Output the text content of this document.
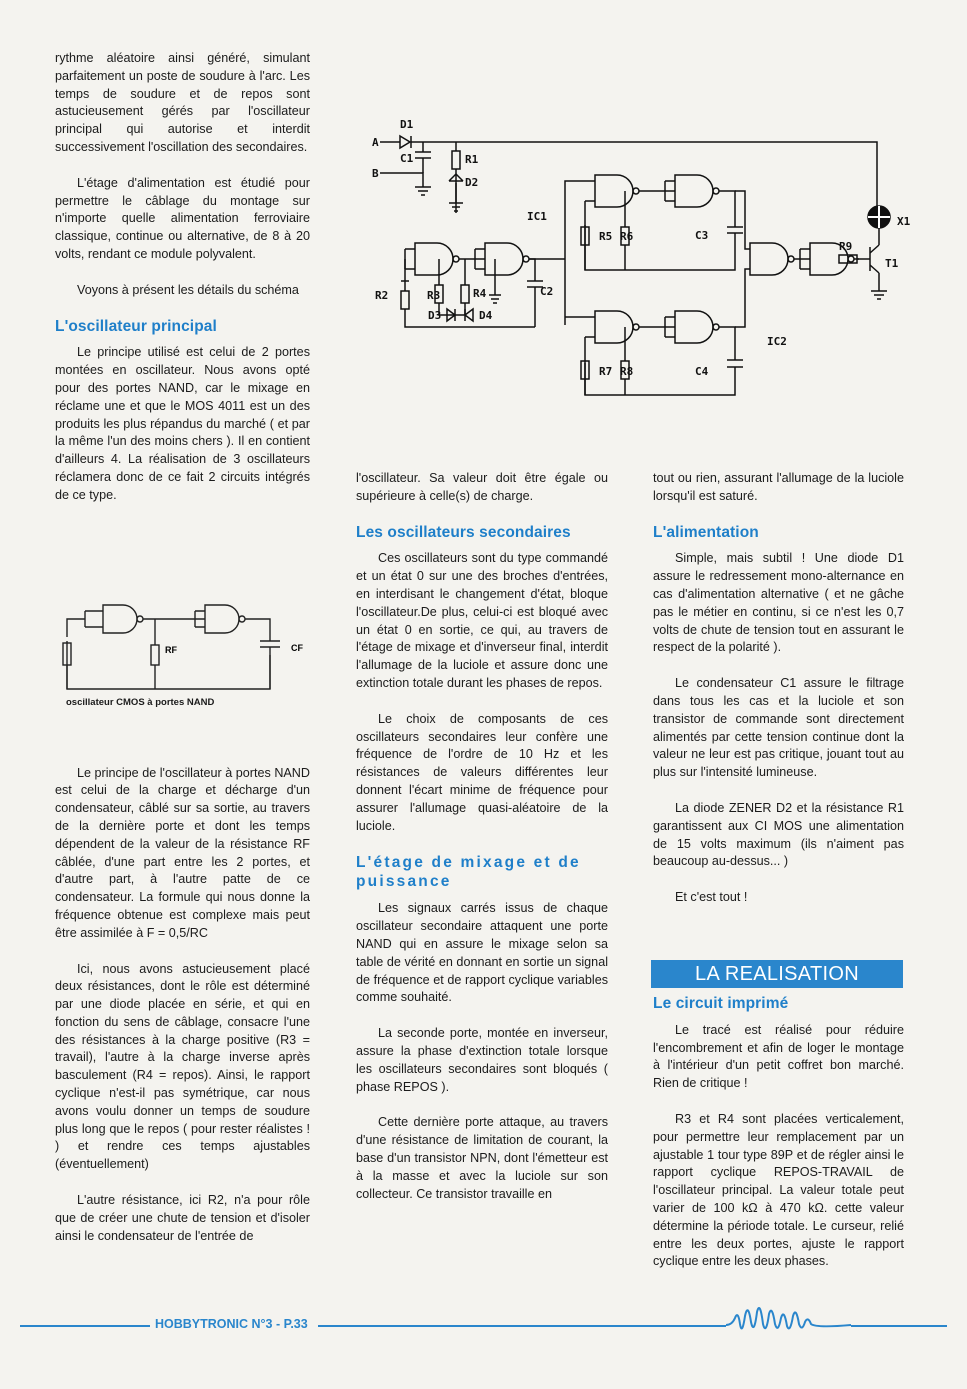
rythme aléatoire ainsi généré, simulant parfaitement un poste de soudure à l'arc. Les temps de soudure et de repos sont astucieusement gérés par l'oscillateur principal qui autorise et interdit successivement l'oscillation des secondaires.

L'étage d'alimentation est étudié pour permettre le câblage du montage sur n'importe quelle alimentation ferroviaire classique, continue ou alternative, de 8 à 20 volts, rendant ce module polyvalent.

Voyons à présent les détails du schéma

L'oscillateur principal

Le principe utilisé est celui de 2 portes montées en oscillateur. Nous avons opté pour des portes NAND, car le mixage en réclame une et que le MOS 4011 est un des produits les plus répandus du marché ( et par la même l'un des moins chers ). Il en contient d'ailleurs 4. La réalisation de 3 oscillateurs réclamera donc de ce fait 2 circuits intégrés de ce type.

Le principe de l'oscillateur à portes NAND est celui de la charge et décharge d'un condensateur, câblé sur sa sortie, au travers de la dernière porte et dont les temps dépendent de la valeur de la résistance RF câblée, d'une part entre les 2 portes, et d'autre part, à l'autre patte de ce condensateur. La formule qui nous donne la fréquence obtenue est complexe mais peut être assimilée à F = 0,5/RC

Ici, nous avons astucieusement placé deux résistances, dont le rôle est déterminé par une diode placée en série, et qui en fonction du sens de câblage, consacre l'une des résistances à la charge positive (R3 = travail), l'autre à la charge inverse après basculement (R4 = repos). Ainsi, le rapport cyclique n'est-il pas symétrique, car nous avons voulu donner un temps de soudure plus long que le repos ( pour rester réalistes ! ) et rendre ces temps ajustables (éventuellement)

L'autre résistance, ici R2, n'a pour rôle que de créer une chute de tension et d'isoler ainsi le condensateur de l'entrée de

RF	CF
oscillateur CMOS à portes NAND
A
B
D1
C1	R1
D2
IC1
R2	R3	R4	C2
D3	D4
R5 R6	C3
R7 R8	C4
IC2
R9
T1
X1

l'oscillateur. Sa valeur doit être égale ou supérieure à celle(s) de charge.

Les oscillateurs secondaires

Ces oscillateurs sont du type commandé et un état 0 sur une des broches d'entrées, en interdisant le changement d'état, bloque l'oscillateur.De plus, celui-ci est bloqué avec un état 0 en sortie, ce qui, au travers de l'étage de mixage et d'inverseur final, interdit l'allumage de la luciole et assure donc une extinction totale durant les phases de repos.

Le choix de composants de ces oscillateurs secondaires leur confère une fréquence de l'ordre de 10 Hz et les résistances de valeurs différentes leur donnent l'écart minime de fréquence pour assurer l'allumage quasi-aléatoire de la luciole.

L'étage de mixage et de puissance

Les signaux carrés issus de chaque oscillateur secondaire attaquent une porte NAND qui en assure le mixage selon sa table de vérité en donnant en sortie un signal de fréquence et de rapport cyclique variables comme souhaité.

La seconde porte, montée en inverseur, assure la phase d'extinction totale lorsque les oscillateurs secondaires sont bloqués ( phase REPOS ).

Cette dernière porte attaque, au travers d'une résistance de limitation de courant, la base d'un transistor NPN, dont l'émetteur est à la masse et avec la luciole sur son collecteur. Ce transistor travaille en

tout ou rien, assurant l'allumage de la luciole lorsqu'il est saturé.

L'alimentation

Simple, mais subtil ! Une diode D1 assure le redressement mono-alternance en cas d'alimentation alternative ( et ne gâche pas le métier en continu, si ce n'est les 0,7 volts de chute de tension tout en assurant le respect de la polarité ).

Le condensateur C1 assure le filtrage dans tous les cas et la luciole et son transistor de commande sont directement alimentés par cette tension continue dont la valeur ne leur est pas critique, jouant tout au plus sur l'intensité lumineuse.

La diode ZENER D2 et la résistance R1 garantissent aux CI MOS une alimentation de 15 volts maximum (ils n'aiment pas beaucoup au-dessus... )

Et c'est tout !

Le circuit imprimé

Le tracé est réalisé pour réduire l'encombrement et afin de loger le montage à l'intérieur d'un petit coffret bon marché. Rien de critique !

R3 et R4 sont placées verticalement, pour permettre leur remplacement par un ajustable 1 tour type 89P et de régler ainsi le rapport cyclique REPOS-TRAVAIL de l'oscillateur principal. La valeur totale peut varier de 100 kΩ à 470 kΩ. cette valeur détermine la période totale. Le curseur, relié entre les deux portes, ajuste le rapport cyclique entre les deux phases.

LA REALISATION
HOBBYTRONIC N°3 - P.33
